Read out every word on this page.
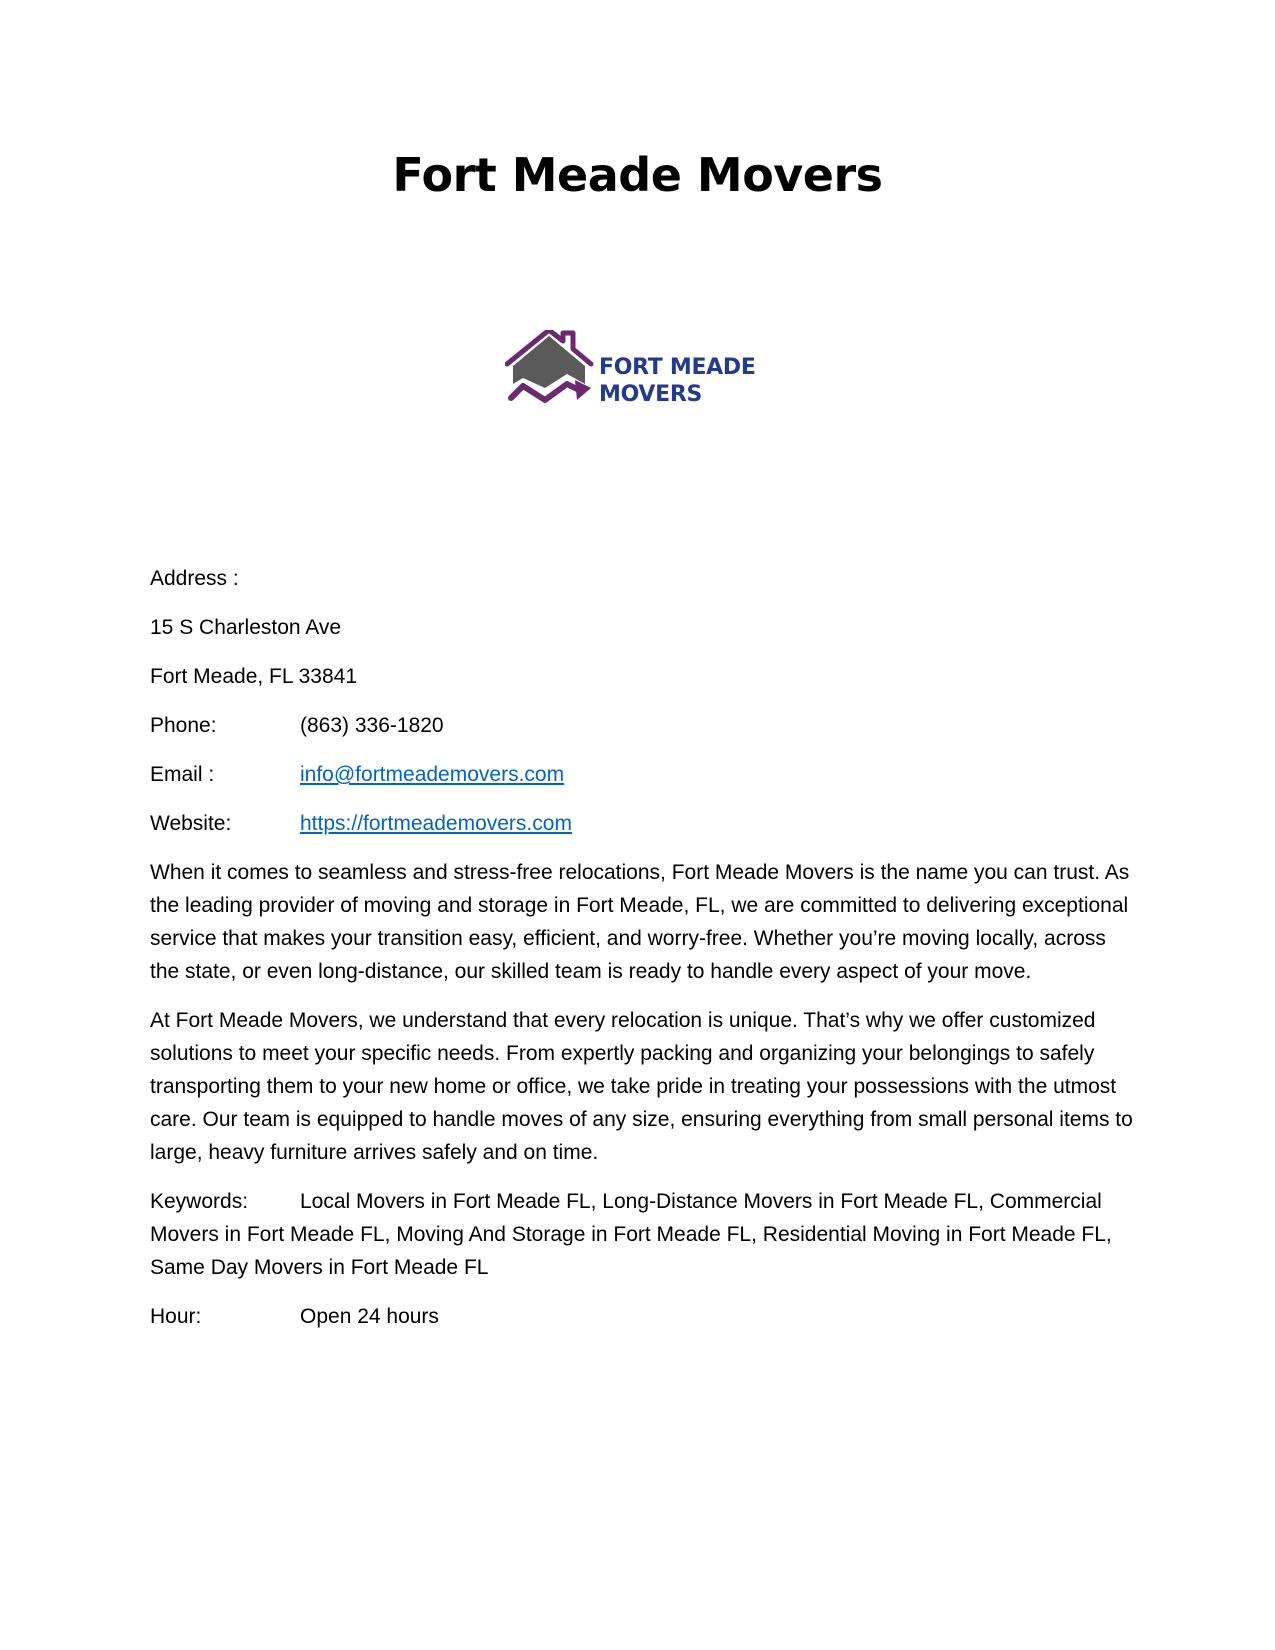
Fort Meade Movers
FORT MEADE
MOVERS
Address :
15 S Charleston Ave
Fort Meade, FL 33841
Phone:	(863) 336-1820
Email :	info@fortmeademovers.com
Website:	https://fortmeademovers.com

When it comes to seamless and stress-free relocations, Fort Meade Movers is the name you can trust. As the leading provider of moving and storage in Fort Meade, FL, we are committed to delivering exceptional service that makes your transition easy, efficient, and worry-free. Whether you’re moving locally, across the state, or even long-distance, our skilled team is ready to handle every aspect of your move.

At Fort Meade Movers, we understand that every relocation is unique. That’s why we offer customized solutions to meet your specific needs. From expertly packing and organizing your belongings to safely transporting them to your new home or office, we take pride in treating your possessions with the utmost care. Our team is equipped to handle moves of any size, ensuring everything from small personal items to large, heavy furniture arrives safely and on time.

Keywords: Local Movers in Fort Meade FL, Long-Distance Movers in Fort Meade FL, Commercial Movers in Fort Meade FL, Moving And Storage in Fort Meade FL, Residential Moving in Fort Meade FL, Same Day Movers in Fort Meade FL

Hour:	Open 24 hours
